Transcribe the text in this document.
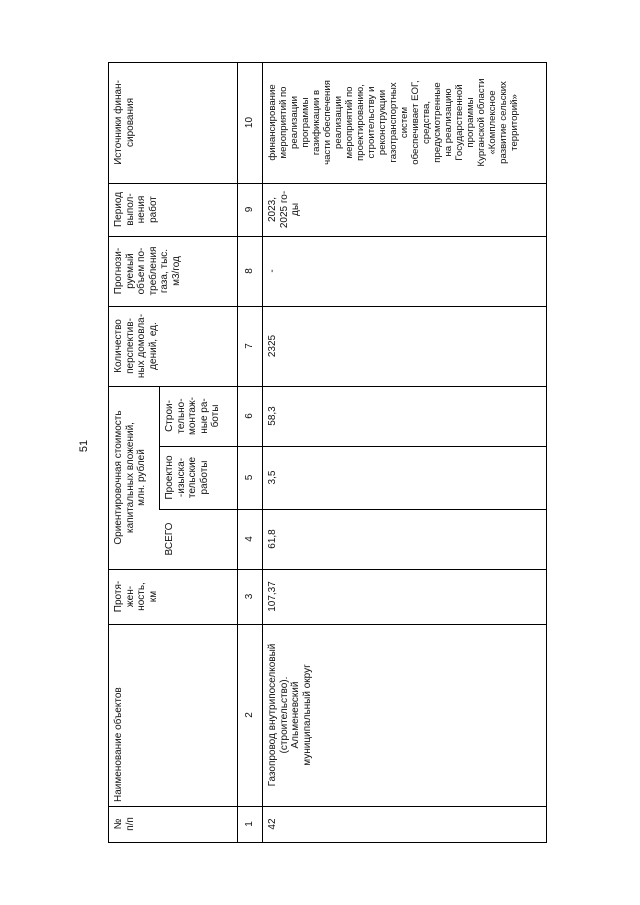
51
№
п/п
Наименование объектов
Протя-
жен-
ность,
км
Ориентировочная стоимость
капитальных вложений,
млн. рублей
ВСЕГО
Проектно
-изыска-
тельские
работы
Строи-
тельно-
монтаж-
ные ра-
боты
Количество
перспектив-
ных домовла-
дений, ед.
Прогнози-
руемый
объем по-
требления
газа, тыс.
м3/год
Период
выпол-
нения
работ
Источники финан-
сирования
1
2
3
4
5
6
7
8
9
10
42
Газопровод внутрипоселковый
(строительство).
Альменевский
муниципальный округ
107,37
61,8
3,5
58,3
2325
-
2023,
2025 го-
ды
финансирование
мероприятий по
реализации
программы
газификации в
части обеспечения
реализации
мероприятий по
проектированию,
строительству и
реконструкции
газотранспортных
систем
обеспечивает ЕОГ,
средства,
предусмотренные
на реализацию
Государственной
программы
Курганской области
«Комплексное
развитие сельских
территорий»
